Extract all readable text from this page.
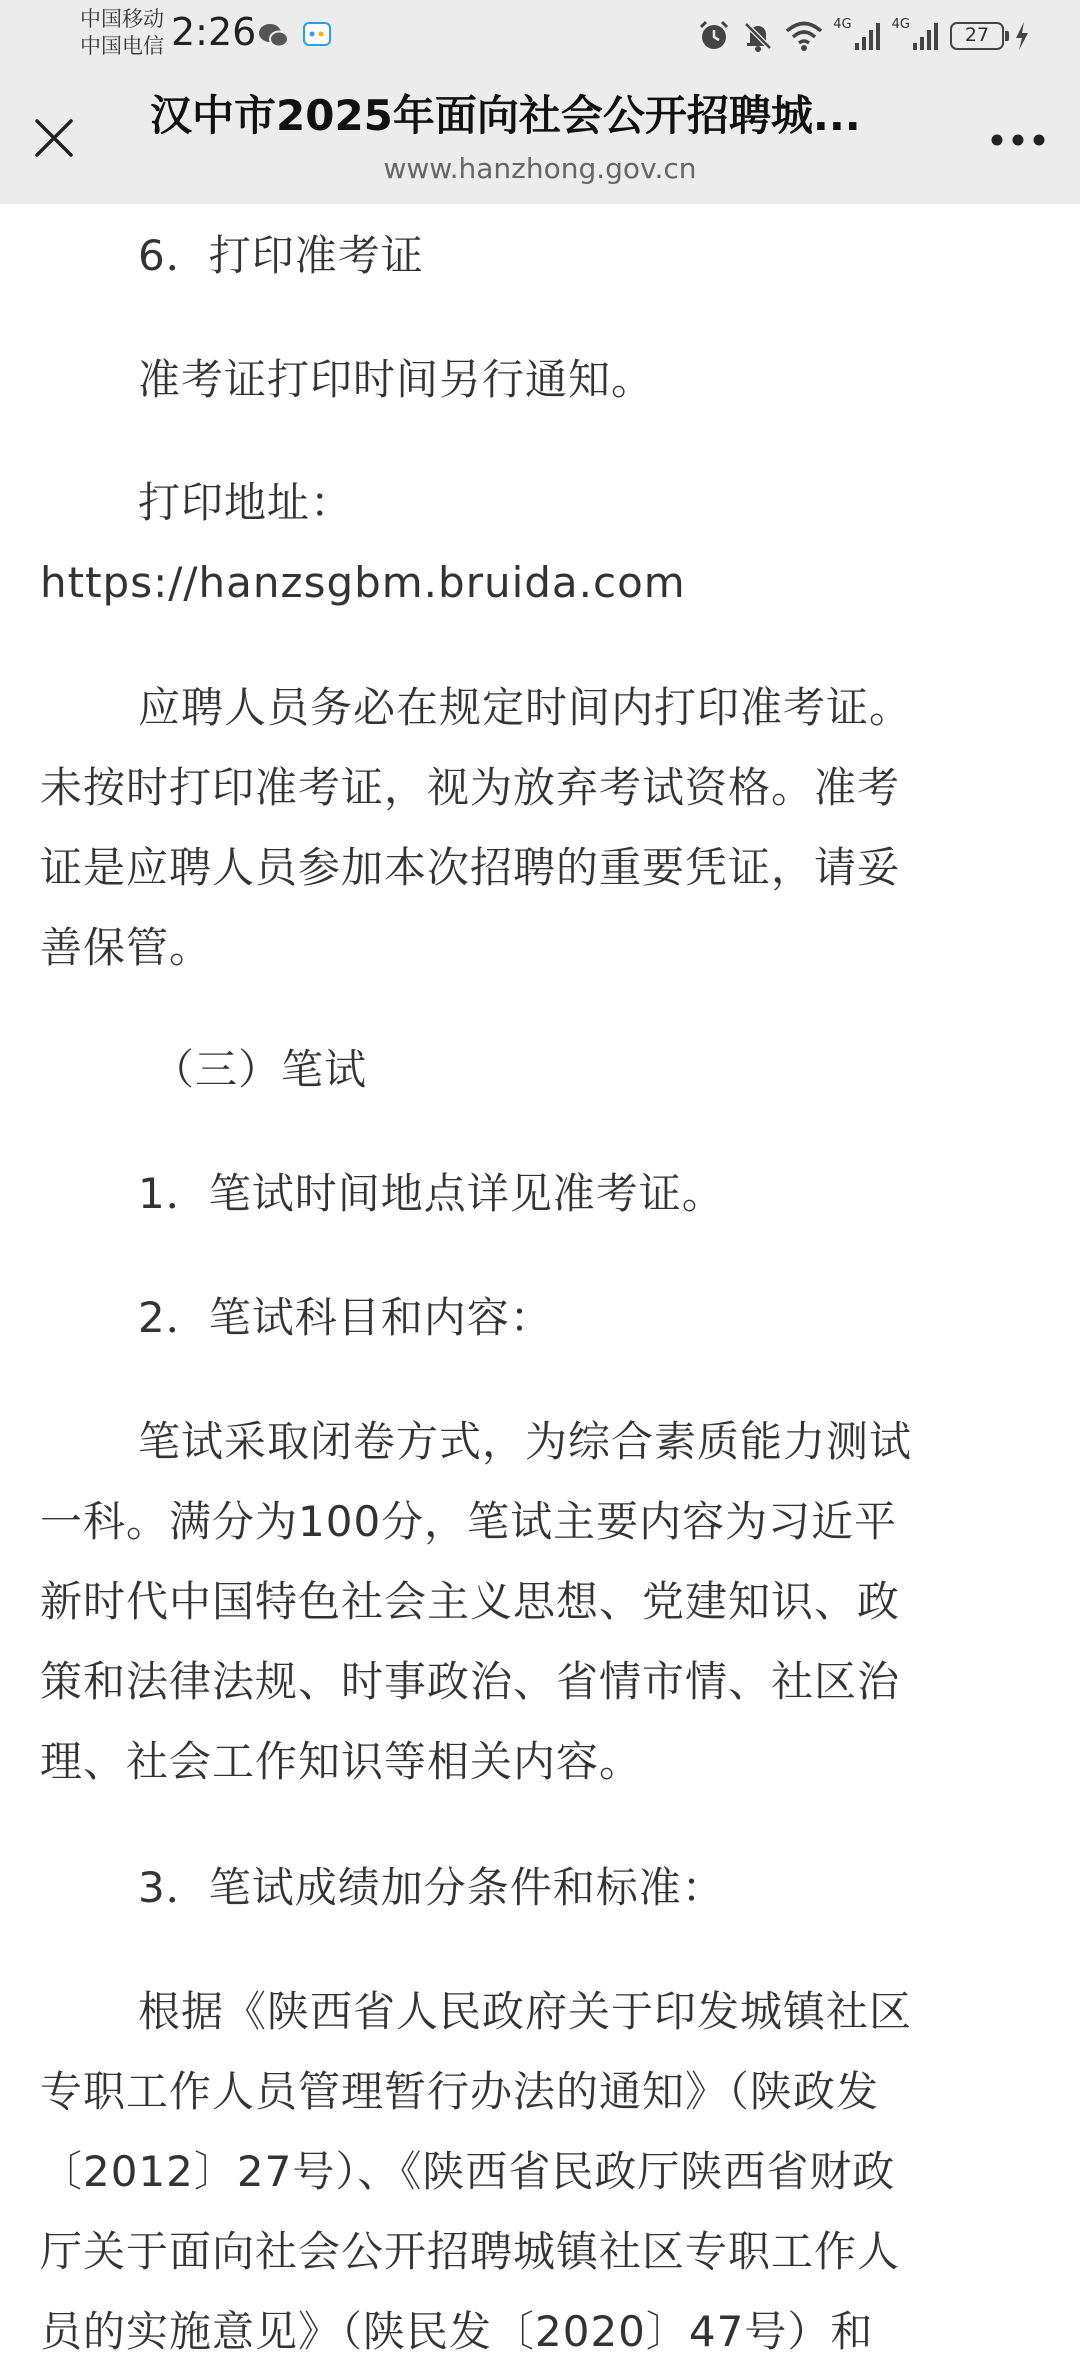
中国移动
中国电信 2:26	4G	4G	27
汉中市2025年面向社会公开招聘城...
www.hanzhong.gov.cn
6．打印准考证
准考证打印时间另行通知。
打印地址：
https://hanzsgbm.bruida.com
应聘人员务必在规定时间内打印准考证。
未按时打印准考证，视为放弃考试资格。准考
证是应聘人员参加本次招聘的重要凭证，请妥
善保管。
（三）笔试
1．笔试时间地点详见准考证。
2．笔试科目和内容：
笔试采取闭卷方式，为综合素质能力测试
一科。满分为100分，笔试主要内容为习近平
新时代中国特色社会主义思想、党建知识、政
策和法律法规、时事政治、省情市情、社区治
理、社会工作知识等相关内容。
3．笔试成绩加分条件和标准：
根据《陕西省人民政府关于印发城镇社区
专职工作人员管理暂行办法的通知》（陕政发
〔2012〕27号）、《陕西省民政厅陕西省财政
厅关于面向社会公开招聘城镇社区专职工作人
员的实施意见》（陕民发〔2020〕47号）和
